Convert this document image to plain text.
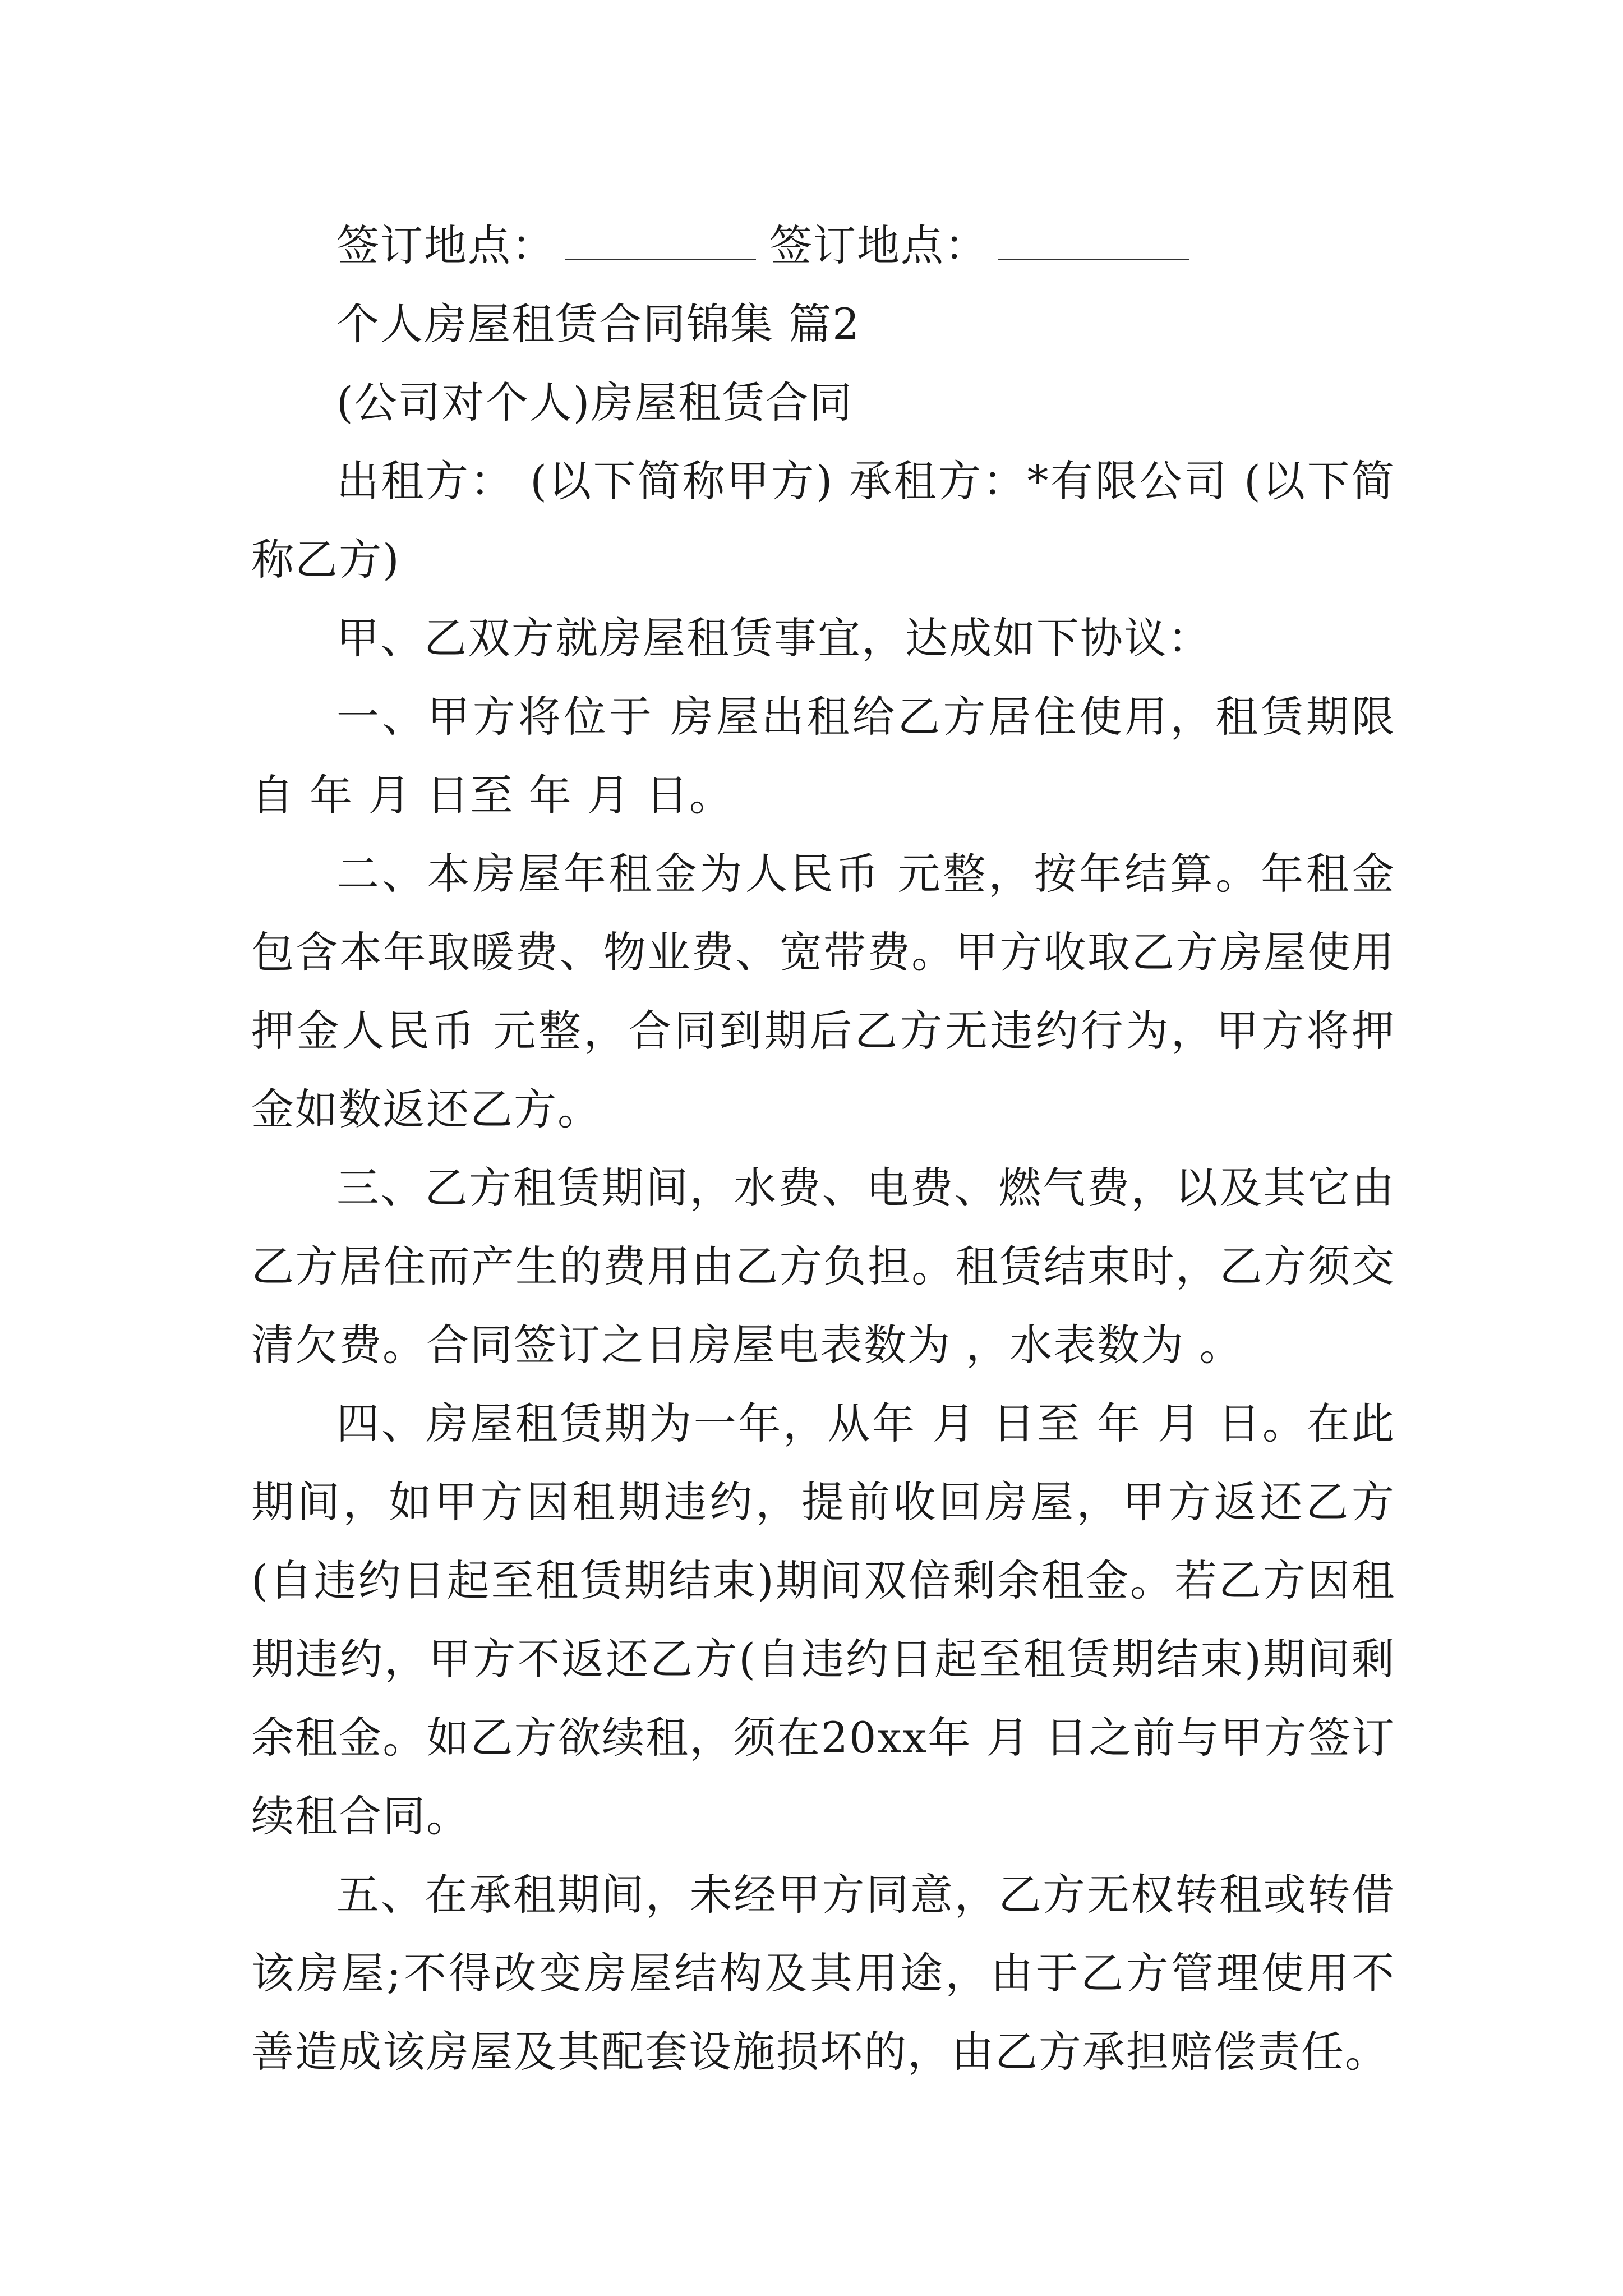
签订地点：	签订地点：

个人房屋租赁合同锦集 篇2

(公司对个人)房屋租赁合同

出租方： (以下简称甲方) 承租方：*有限公司 (以下简称乙方)

甲、乙双方就房屋租赁事宜，达成如下协议：

一、甲方将位于 房屋出租给乙方居住使用，租赁期限自 年 月 日至 年 月 日。

二、本房屋年租金为人民币 元整，按年结算。年租金包含本年取暖费、物业费、宽带费。甲方收取乙方房屋使用押金人民币 元整，合同到期后乙方无违约行为，甲方将押金如数返还乙方。

三、乙方租赁期间，水费、电费、燃气费，以及其它由乙方居住而产生的费用由乙方负担。租赁结束时，乙方须交清欠费。合同签订之日房屋电表数为 ，水表数为 。

四、房屋租赁期为一年，从年 月 日至 年 月 日。在此期间，如甲方因租期违约，提前收回房屋，甲方返还乙方(自违约日起至租赁期结束)期间双倍剩余租金。若乙方因租期违约，甲方不返还乙方(自违约日起至租赁期结束)期间剩余租金。如乙方欲续租，须在20xx年 月 日之前与甲方签订续租合同。

五、在承租期间，未经甲方同意，乙方无权转租或转借该房屋;不得改变房屋结构及其用途，由于乙方管理使用不善造成该房屋及其配套设施损坏的，由乙方承担赔偿责任。
